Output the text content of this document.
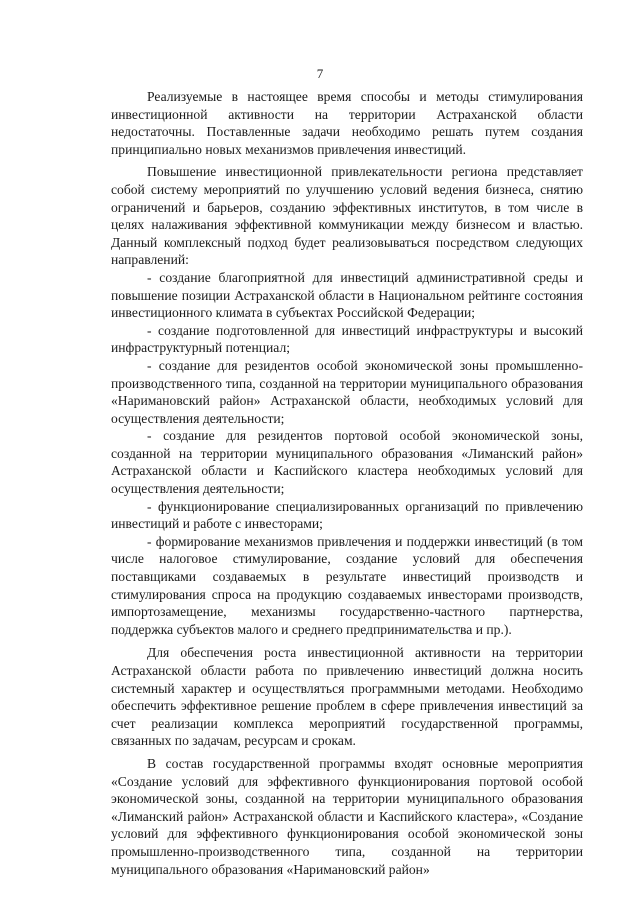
7

Реализуемые в настоящее время способы и методы стимулирования инвестиционной активности на территории Астраханской области недостаточны. Поставленные задачи необходимо решать путем создания принципиально новых механизмов привлечения инвестиций.

Повышение инвестиционной привлекательности региона представляет собой систему мероприятий по улучшению условий ведения бизнеса, снятию ограничений и барьеров, созданию эффективных институтов, в том числе в целях налаживания эффективной коммуникации между бизнесом и властью. Данный комплексный подход будет реализовываться посредством следующих направлений:

- создание благоприятной для инвестиций административной среды и повышение позиции Астраханской области в Национальном рейтинге состояния инвестиционного климата в субъектах Российской Федерации;

- создание подготовленной для инвестиций инфраструктуры и высокий инфраструктурный потенциал;

- создание для резидентов особой экономической зоны промышленно-производственного типа, созданной на территории муниципального образования «Наримановский район» Астраханской области, необходимых условий для осуществления деятельности;

- создание для резидентов портовой особой экономической зоны, созданной на территории муниципального образования «Лиманский район» Астраханской области и Каспийского кластера необходимых условий для осуществления деятельности;

- функционирование специализированных организаций по привлечению инвестиций и работе с инвесторами;

- формирование механизмов привлечения и поддержки инвестиций (в том числе налоговое стимулирование, создание условий для обеспечения поставщиками создаваемых в результате инвестиций производств и стимулирования спроса на продукцию создаваемых инвесторами производств, импортозамещение, механизмы государственно-частного партнерства, поддержка субъектов малого и среднего предпринимательства и пр.).

Для обеспечения роста инвестиционной активности на территории Астраханской области работа по привлечению инвестиций должна носить системный характер и осуществляться программными методами. Необходимо обеспечить эффективное решение проблем в сфере привлечения инвестиций за счет реализации комплекса мероприятий государственной программы, связанных по задачам, ресурсам и срокам.

В состав государственной программы входят основные мероприятия «Создание условий для эффективного функционирования портовой особой экономической зоны, созданной на территории муниципального образования «Лиманский район» Астраханской области и Каспийского кластера», «Создание условий для эффективного функционирования особой экономической зоны промышленно-производственного типа, созданной на территории муниципального образования «Наримановский район»
